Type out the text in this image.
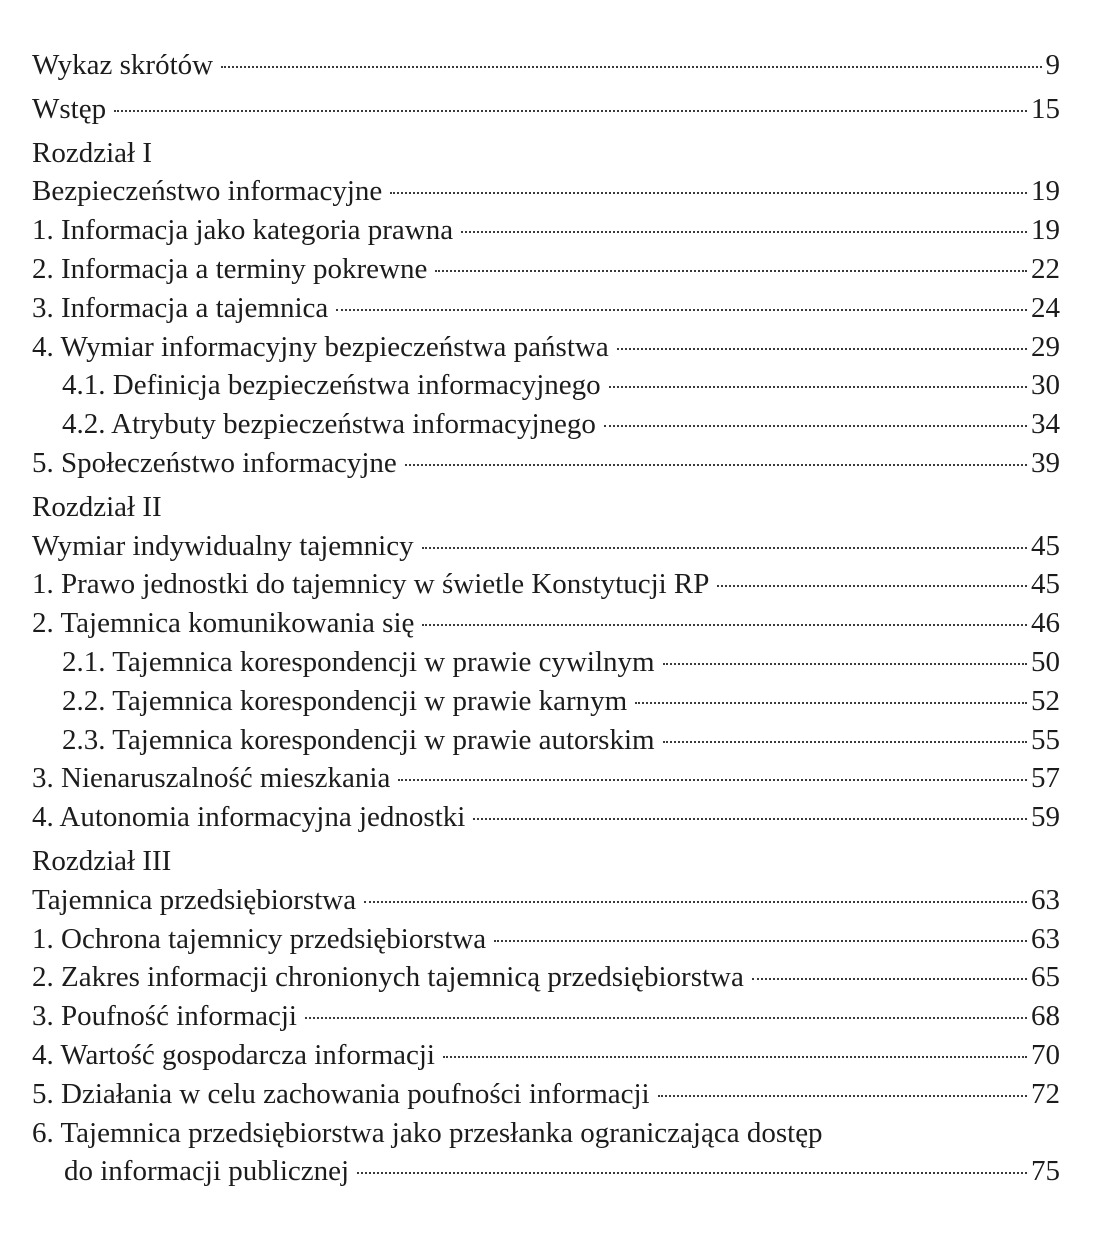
Wykaz skrótów	9
Wstęp	15
Rozdział I
Bezpieczeństwo informacyjne	19
1. Informacja jako kategoria prawna	19
2. Informacja a terminy pokrewne	22
3. Informacja a tajemnica	24
4. Wymiar informacyjny bezpieczeństwa państwa	29
4.1. Definicja bezpieczeństwa informacyjnego	30
4.2. Atrybuty bezpieczeństwa informacyjnego	34
5. Społeczeństwo informacyjne	39
Rozdział II
Wymiar indywidualny tajemnicy	45
1. Prawo jednostki do tajemnicy w świetle Konstytucji RP	45
2. Tajemnica komunikowania się	46
2.1. Tajemnica korespondencji w prawie cywilnym	50
2.2. Tajemnica korespondencji w prawie karnym	52
2.3. Tajemnica korespondencji w prawie autorskim	55
3. Nienaruszalność mieszkania	57
4. Autonomia informacyjna jednostki	59
Rozdział III
Tajemnica przedsiębiorstwa	63
1. Ochrona tajemnicy przedsiębiorstwa	63
2. Zakres informacji chronionych tajemnicą przedsiębiorstwa	65
3. Poufność informacji	68
4. Wartość gospodarcza informacji	70
5. Działania w celu zachowania poufności informacji	72
6. Tajemnica przedsiębiorstwa jako przesłanka ograniczająca dostęp
do informacji publicznej	75
